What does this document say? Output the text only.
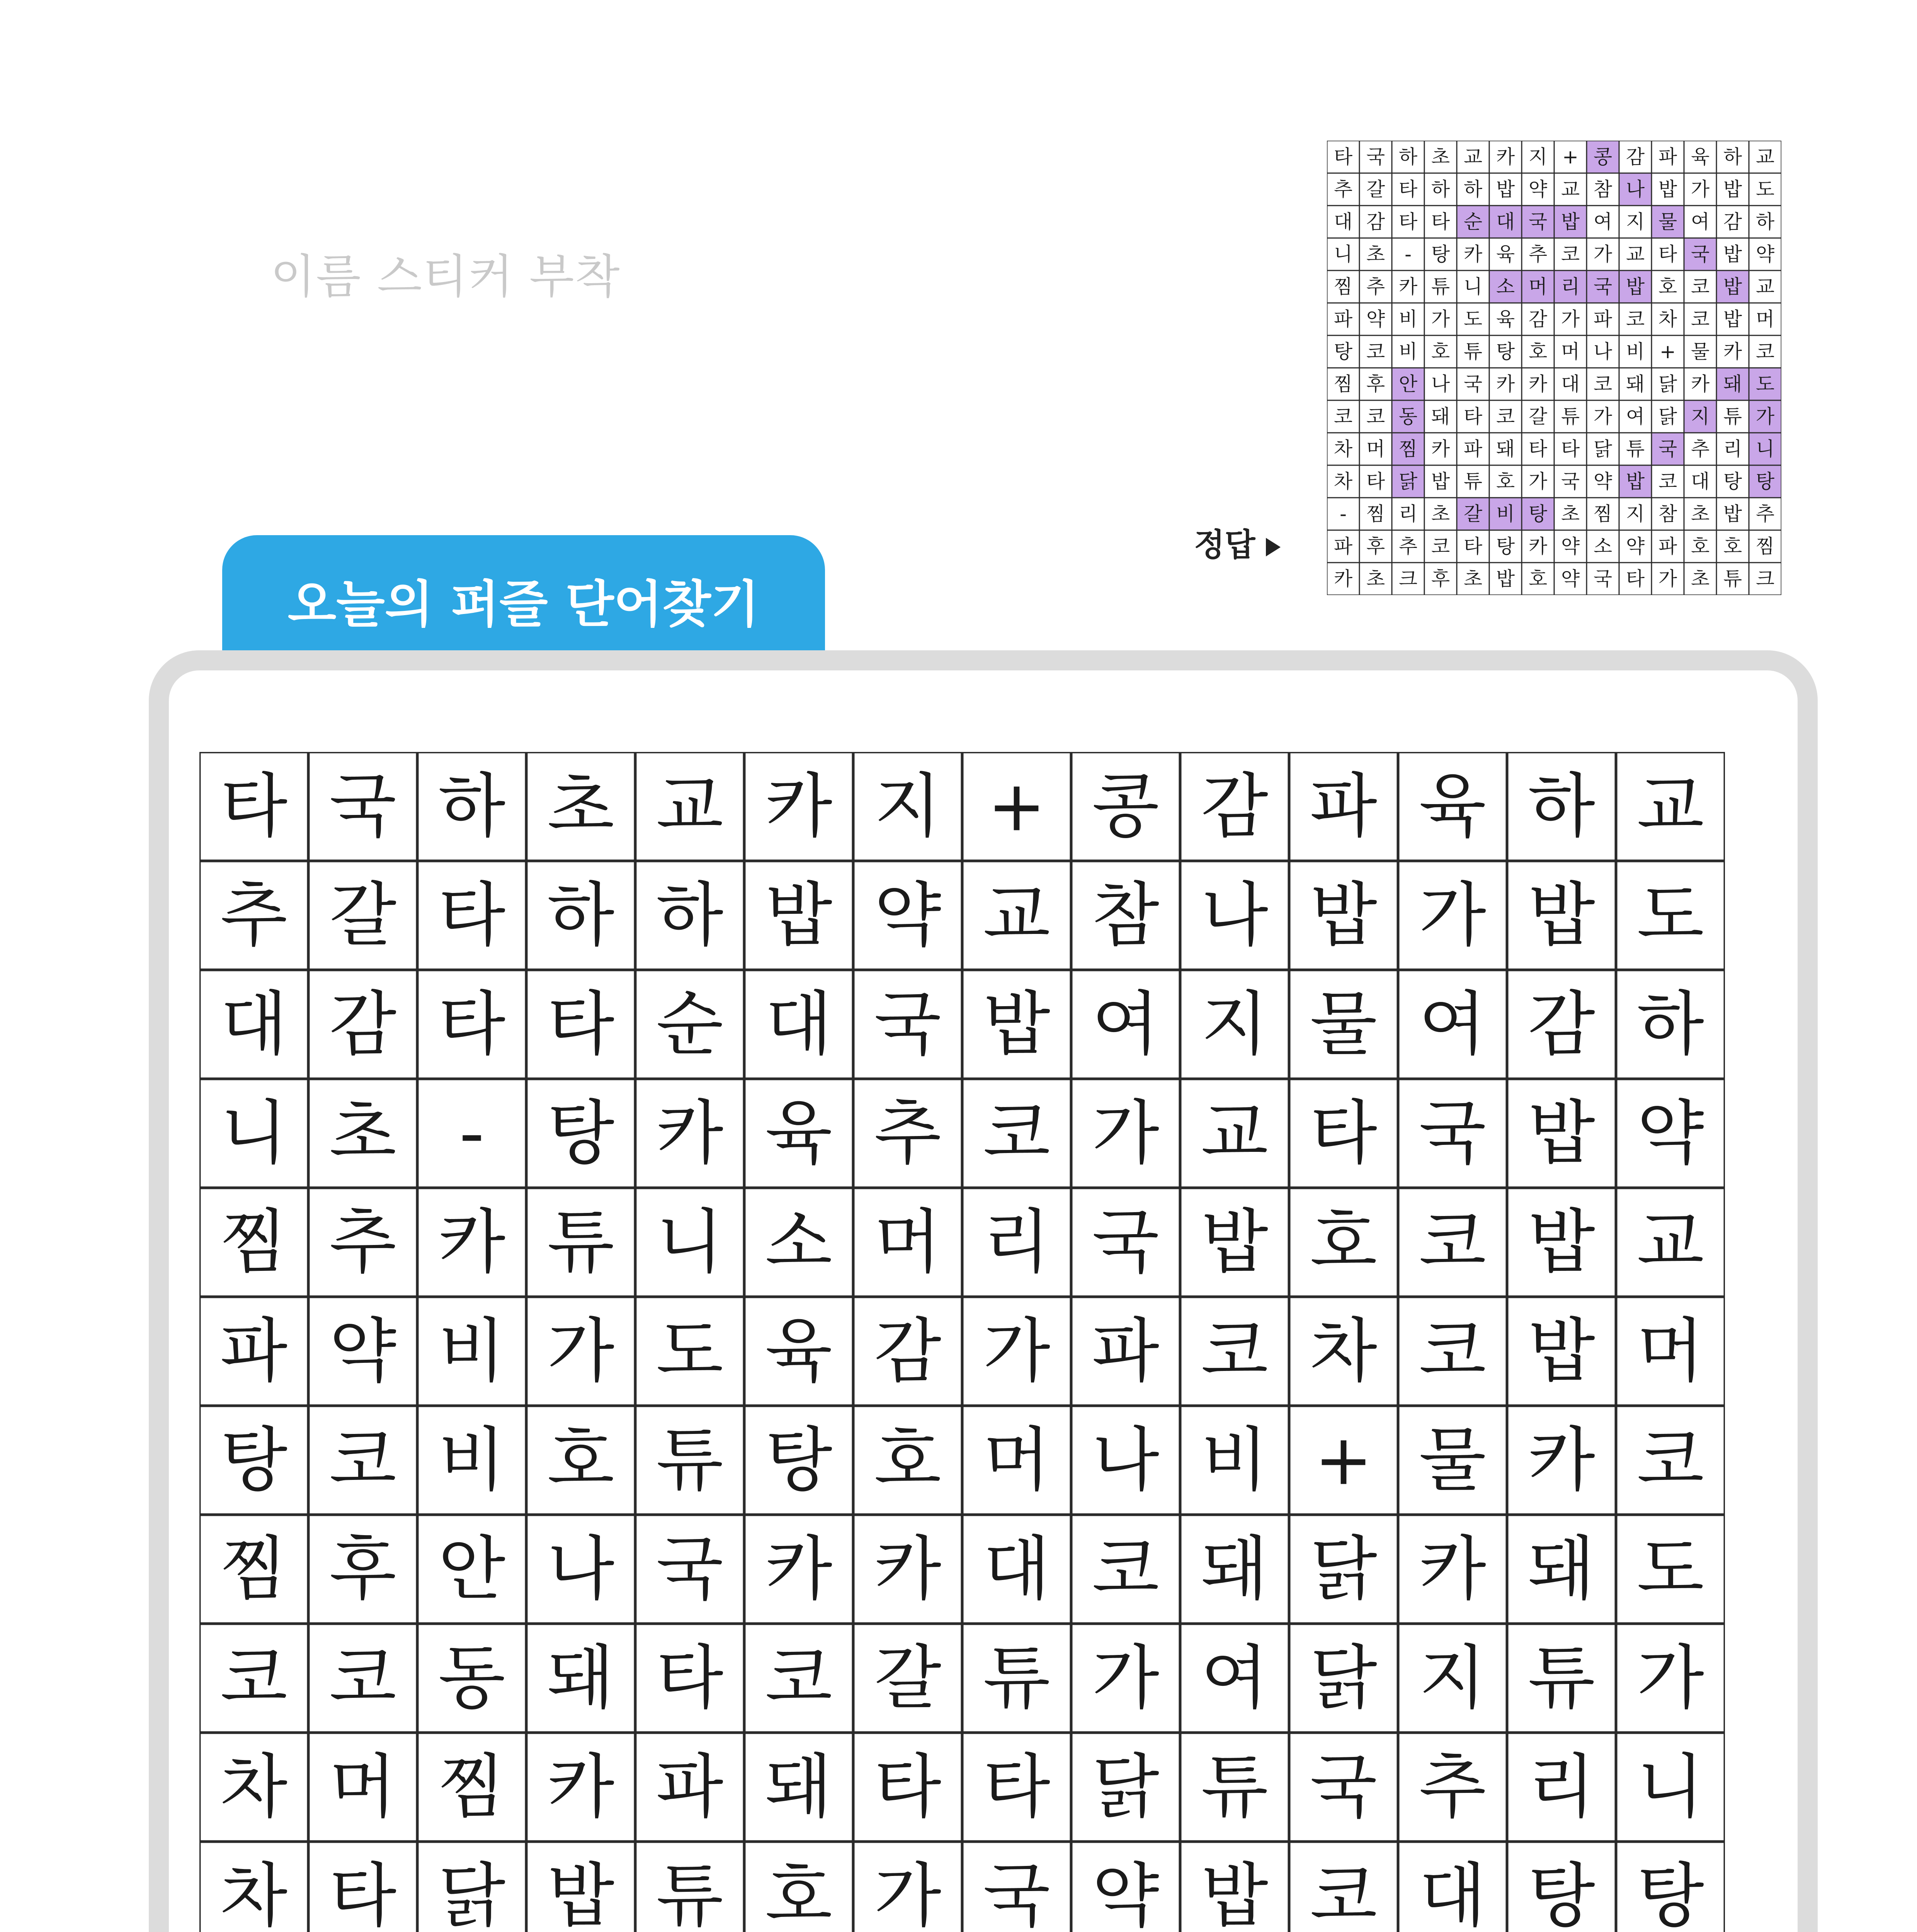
이름 스티커 부착
정답
타 국 하 초 교 카 지 + 콩 감 파 육 하 교
추 갈 타 하 하 밥 약 교 참 나 밥 가 밥 도
대 감 타 타 순 대 국 밥 여 지 물 여 감 하
니 초 - 탕 카 육 추 코 가 교 타 국 밥 약
찜 추 카 튜 니 소 머 리 국 밥 호 코 밥 교
파 약 비 가 도 육 감 가 파 코 차 코 밥 머
탕 코 비 호 튜 탕 호 머 나 비 + 물 카 코
찜 후 안 나 국 카 카 대 코 돼 닭 카 돼 도
코 코 동 돼 타 코 갈 튜 가 여 닭 지 튜 가
차 머 찜 카 파 돼 타 타 닭 튜 국 추 리 니
차 타 닭 밥 튜 호 가 국 약 밥 코 대 탕 탕
- 찜 리 초 갈 비 탕 초 찜 지 참 초 밥 추
파 후 추 코 타 탕 카 약 소 약 파 호 호 찜
카 초 크 후 초 밥 호 약 국 타 가 초 튜 크
오늘의 퍼즐 단어찾기
타 국 하 초 교 카 지 + 콩 감 파 육 하 교
추 갈 타 하 하 밥 약 교 참 나 밥 가 밥 도
대 감 타 타 순 대 국 밥 여 지 물 여 감 하
니 초 - 탕 카 육 추 코 가 교 타 국 밥 약
찜 추 카 튜 니 소 머 리 국 밥 호 코 밥 교
파 약 비 가 도 육 감 가 파 코 차 코 밥 머
탕 코 비 호 튜 탕 호 머 나 비 + 물 카 코
찜 후 안 나 국 카 카 대 코 돼 닭 카 돼 도
코 코 동 돼 타 코 갈 튜 가 여 닭 지 튜 가
차 머 찜 카 파 돼 타 타 닭 튜 국 추 리 니
차 타 닭 밥 튜 호 가 국 약 밥 코 대 탕 탕
